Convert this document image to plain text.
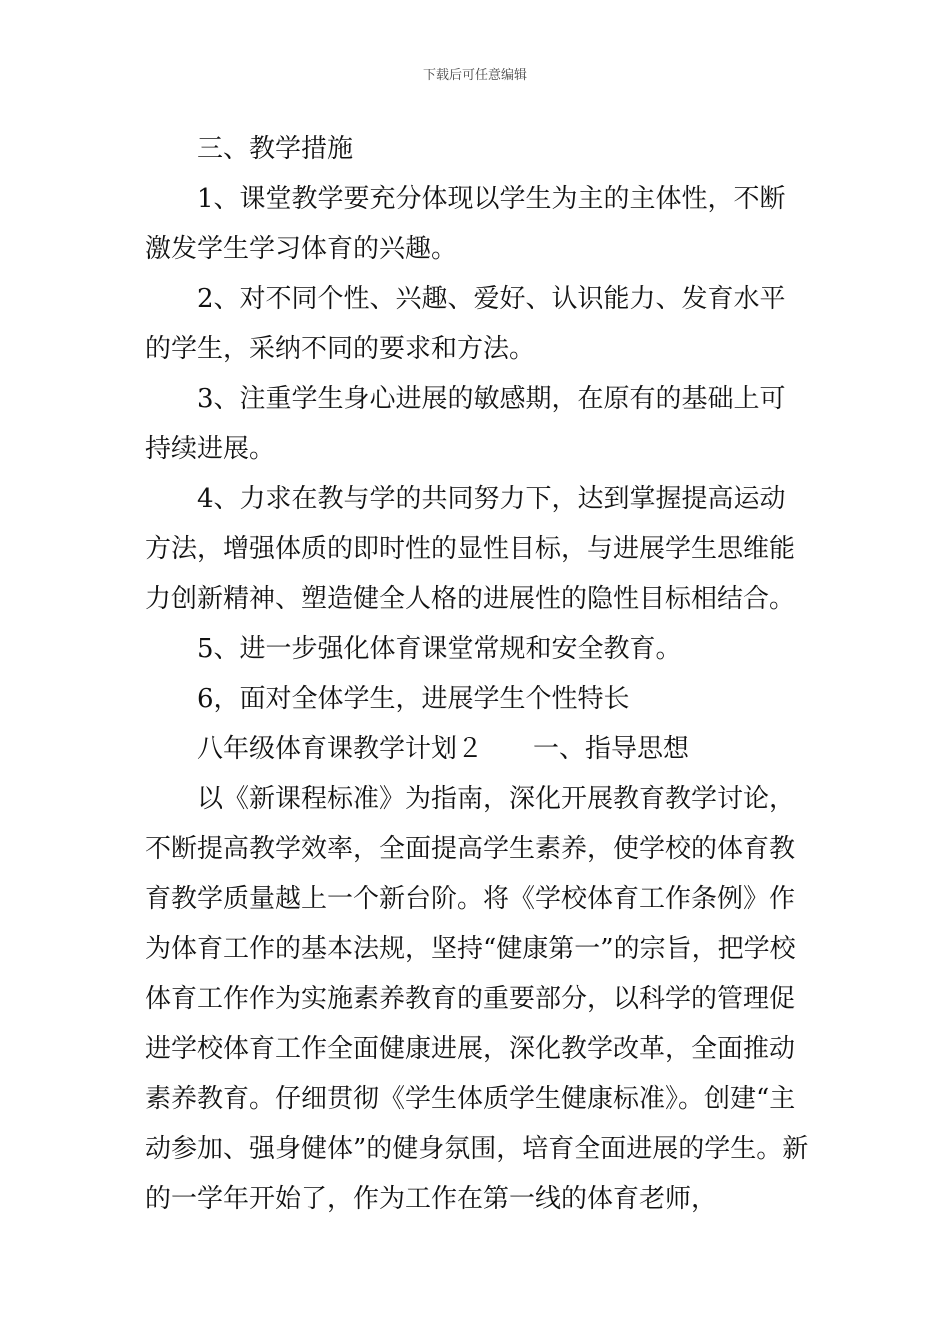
下载后可任意编辑

三、教学措施

1、课堂教学要充分体现以学生为主的主体性，不断激发学生学习体育的兴趣。

2、对不同个性、兴趣、爱好、认识能力、发育水平的学生，采纳不同的要求和方法。

3、注重学生身心进展的敏感期，在原有的基础上可持续进展。

4、力求在教与学的共同努力下，达到掌握提高运动方法，增强体质的即时性的显性目标，与进展学生思维能力创新精神、塑造健全人格的进展性的隐性目标相结合。

5、进一步强化体育课堂常规和安全教育。

6，面对全体学生，进展学生个性特长

八年级体育课教学计划２ 一、指导思想

以《新课程标准》为指南，深化开展教育教学讨论，不断提高教学效率，全面提高学生素养，使学校的体育教育教学质量越上一个新台阶。将《学校体育工作条例》作为体育工作的基本法规，坚持“健康第一”的宗旨，把学校体育工作作为实施素养教育的重要部分，以科学的管理促进学校体育工作全面健康进展，深化教学改革，全面推动素养教育。仔细贯彻《学生体质学生健康标准》。创建“主动参加、强身健体”的健身氛围，培育全面进展的学生。新的一学年开始了，作为工作在第一线的体育老师，
